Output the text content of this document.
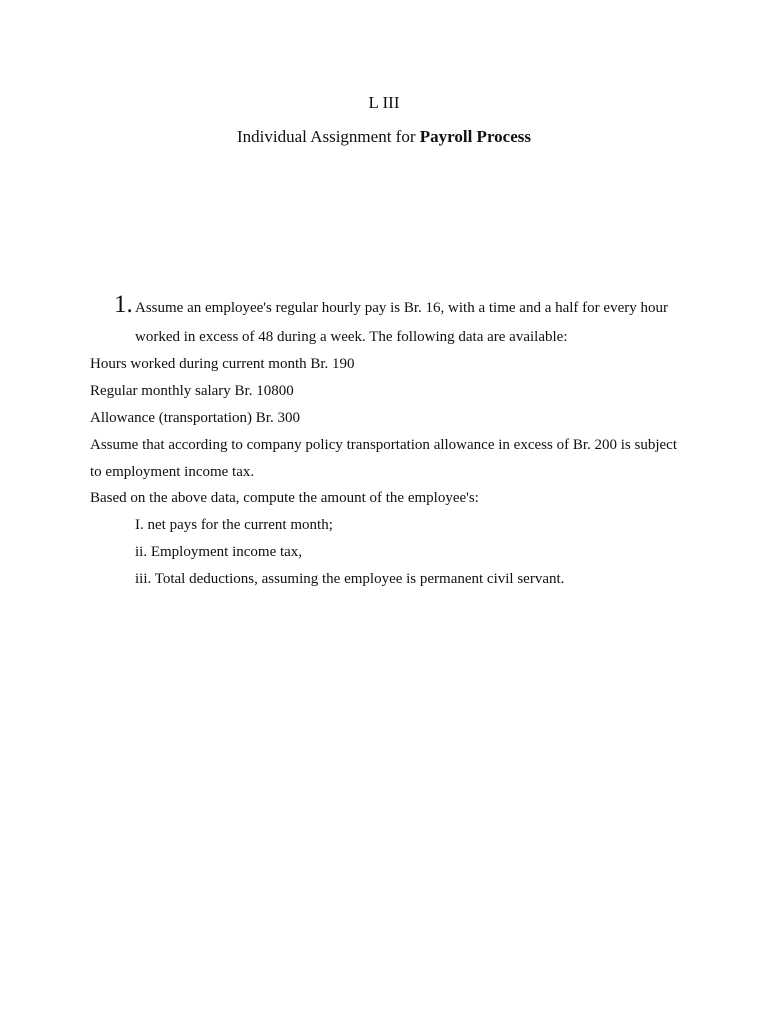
L III
Individual Assignment for Payroll Process
1. Assume an employee's regular hourly pay is Br. 16, with a time and a half for every hour
worked in excess of 48 during a week. The following data are available:
Hours worked during current month Br. 190
Regular monthly salary Br. 10800
Allowance (transportation) Br. 300
Assume that according to company policy transportation allowance in excess of Br. 200 is subject to employment income tax.
Based on the above data, compute the amount of the employee's:
I. net pays for the current month;
ii. Employment income tax,
iii. Total deductions, assuming the employee is permanent civil servant.
